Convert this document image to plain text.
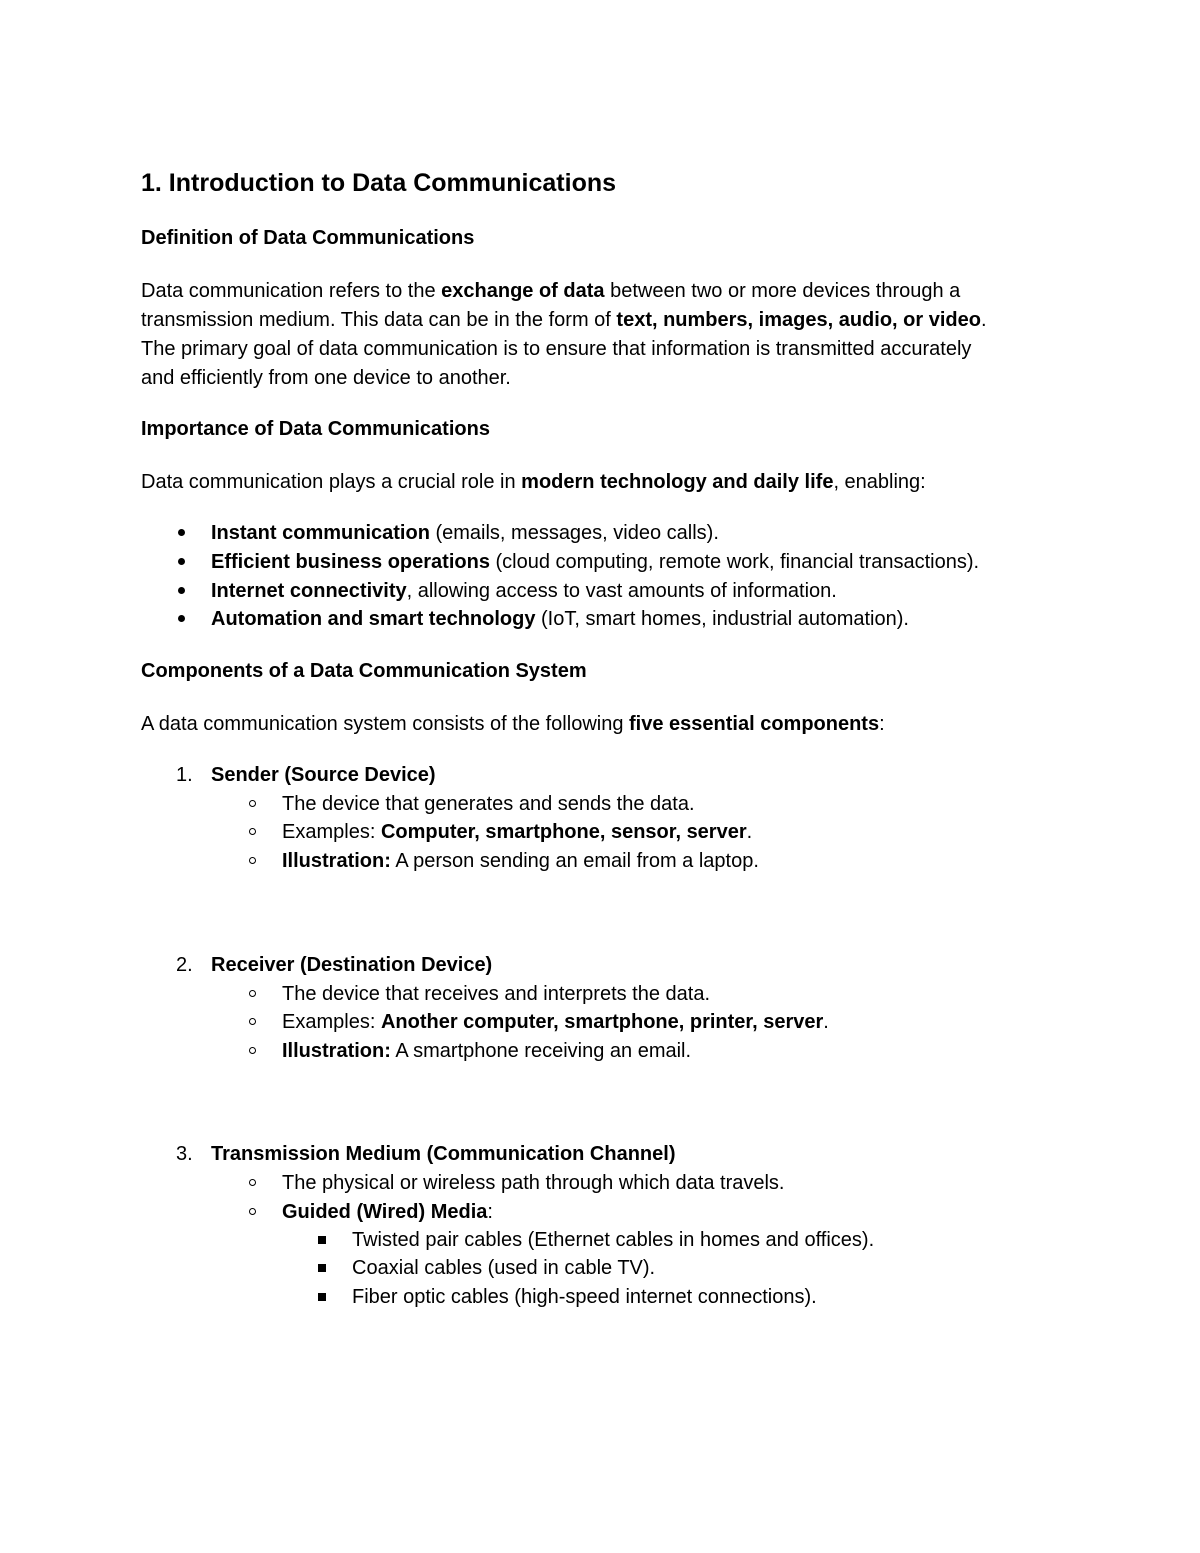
1. Introduction to Data Communications
Definition of Data Communications
Data communication refers to the exchange of data between two or more devices through a
transmission medium. This data can be in the form of text, numbers, images, audio, or video.
The primary goal of data communication is to ensure that information is transmitted accurately
and efficiently from one device to another.
Importance of Data Communications
Data communication plays a crucial role in modern technology and daily life, enabling:
Instant communication (emails, messages, video calls).
Efficient business operations (cloud computing, remote work, financial transactions).
Internet connectivity, allowing access to vast amounts of information.
Automation and smart technology (IoT, smart homes, industrial automation).
Components of a Data Communication System
A data communication system consists of the following five essential components:
1. Sender (Source Device)
The device that generates and sends the data.
Examples: Computer, smartphone, sensor, server.
Illustration: A person sending an email from a laptop.
2. Receiver (Destination Device)
The device that receives and interprets the data.
Examples: Another computer, smartphone, printer, server.
Illustration: A smartphone receiving an email.
3. Transmission Medium (Communication Channel)
The physical or wireless path through which data travels.
Guided (Wired) Media:
Twisted pair cables (Ethernet cables in homes and offices).
Coaxial cables (used in cable TV).
Fiber optic cables (high-speed internet connections).
